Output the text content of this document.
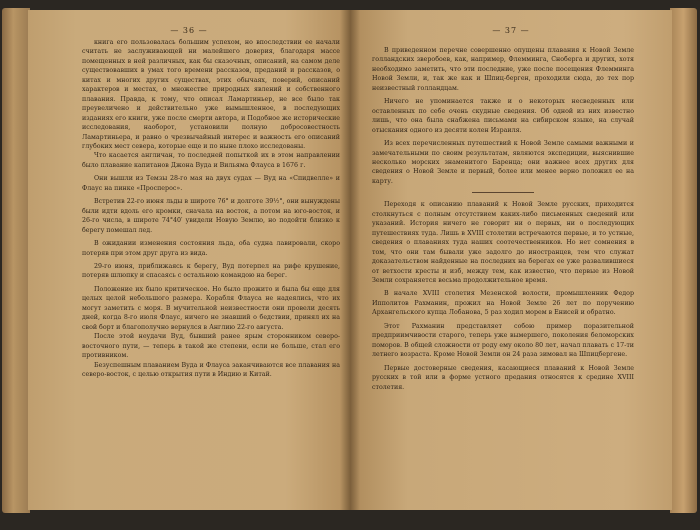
— 36 —

книга его пользовалась большим успехом, но впоследствии ее начали считать не заслуживающей ни малейшего доверия, благодаря массе помещенных в ней различных, как бы сказочных, описаний, на самом деле существовавших в умах того времени рассказов, преданий и рассказов, о китах и многих других существах, этих обычаях, поверий, описаний характеров и местах, о множестве природных явлений и собственного плавания. Правда, к тому, что описал Ламартиньер, не все было так преувеличено и действительно уже вымышленное, в последующих изданиях его книги, уже после смерти автора, и Подобное же исторические исследования, наоборот, установили полную добросовестность Ламартиньера, и равно о чрезвычайный интерес и важность его описаний глубоких мест севера, которые еще и по ныне плохо исследованы.

Что касается англичан, то последней попыткой их в этом направлении было плавание капитанов Джона Вуда и Вильяма Флауса в 1676 г.

Они вышли из Темзы 28-го мая на двух судах — Вуд на «Спидвелле» и Флаус на пинке «Просперос».

Встретив 22-го июня льды в широте 76° и долготе 39½°, они вынуждены были идти вдоль его кромки, сначала на восток, а потом на юго-восток, и 26-го числа, в широте 74°40′ увидели Новую Землю, но подойти близко к берегу помешал лед.

В ожидании изменения состояния льда, оба судна лавировали, скоро потеряв при этом друг друга из вида.

29-го июня, приближаясь к берегу, Вуд потерпел на рифе крушение, потеряв шлюпку и спасаясь с остальною командою на берег.

Положение их было критическое. Но было прожито и была бы еще для целых целой небольшого размера. Корабля Флауса не надеялись, что их могут заметить с моря. В мучительной неизвестности они провели десять дней, когда 8-го июля Флаус, ничего не знавший о бедствии, принял их на свой борт и благополучно вернулся в Англию 22-го августа.

После этой неудачи Вуд, бывший ранее ярым сторонником северо-восточного пути, — теперь в такой же степени, если не больше, стал его противником.

Безуспешным плаванием Вуда и Флауса заканчиваются все плавания на северо-восток, с целью открытия пути в Индию и Китай.

— 37 —

В приведенном перечне совершенно опущены плавания к Новой Земле голландских зверобоев, как, например, Флемминга, Сноберга и других, хотя необходимо заметить, что эти последние, уже после посещения Флемминга Новой Земли, и, так же как и Шпиц-берген, проходили сюда, до тех пор неизвестный голландцам.

Ничего не упоминается также и о некоторых несведенных или оставленных по себе очень скудные сведения. Об одной из них известно лишь, что она была снабжена письмами на сибирском языке, на случай отыскания одного из десяти колен Израиля.

Из всех перечисленных путешествий к Новой Земле самыми важными и замечательными по своим результатам, являются экспедиции, выяснившие несколько морских знаменитого Баренца; они важнее всех других для сведения о Новой Земле и первый, более или менее верно положил ее на карту.

Переходя к описанию плаваний к Новой Земле русских, приходится столкнуться с полным отсутствием каких-либо письменных сведений или указаний. История ничего не говорит ни о первых, ни о последующих путешествиях туда. Лишь в XVIII столетии встречаются первые, и то устные, сведения о плаваниях туда наших соотечественников. Но нет сомнения в том, что они там бывали уже задолго до иностранцев, тем что служат доказательством найденные на последних на берегах ее уже развалившиеся от ветхости кресты и изб, между тем, как известно, что первые из Новой Земли сохраняется весьма продолжительное время.

В начале XVIII столетия Мезенской волости, промышленник Федор Ипполитов Рахманин, прожил на Новой Земле 26 лет по поручению Архангельского купца Лобанова, 5 раз ходил морем в Енисей и обратно.

Этот Рахманин представляет собою пример поразительной предприимчивости старого, теперь уже вымершего, поколения беломорских поморов. В общей сложности от роду ему около 80 лет, начал плавать с 17-ти летнего возраста. Кроме Новой Земли он 24 раза зимовал на Шпицбергене.

Первые достоверные сведения, касающиеся плаваний к Новой Земле русских в той или в форме устного предания относятся к средине XVIII столетия.
